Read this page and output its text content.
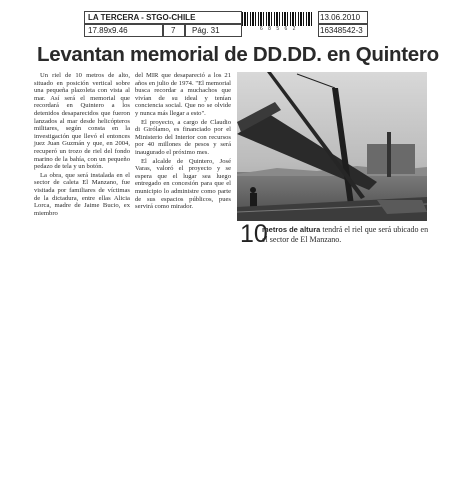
LA TERCERA - STGO-CHILE
17.89x9.46	7 Pág. 31	6 8 5 6 2
13.06.2010
16348542-3
Levantan memorial de DD.DD. en Quintero

Un riel de 10 metros de alto, situado en posición vertical sobre una pequeña plazoleta con vista al mar. Así será el memorial que recordará en Quintero a los detenidos desaparecidos que fueron lanzados al mar desde helicópteros militares, según consta en la investigación que llevó el entonces juez Juan Guzmán y que, en 2004, recuperó un trozo de riel del fondo marino de la bahía, con un pequeño pedazo de tela y un botón.

La obra, que será instalada en el sector de caleta El Manzano, fue visitada por familiares de víctimas de la dictadura, entre ellas Alicia Lorca, madre de Jaime Bucio, ex miembro

del MIR que desapareció a los 21 años en julio de 1974. "El memorial busca recordar a muchachos que vivían de su ideal y tenían conciencia social. Que no se olvide y nunca más llegar a esto".

El proyecto, a cargo de Claudio di Girólamo, es financiado por el Ministerio del Interior con recursos por 40 millones de pesos y será inaugurado el próximo mes.

El alcalde de Quintero, José Varas, valoró el proyecto y se espera que el lugar sea luego entregado en concesión para que el municipio lo administre como parte de sus espacios públicos, pues servirá como mirador.

10
metros de altura tendrá el riel que será ubicado en el sector de El Manzano.
